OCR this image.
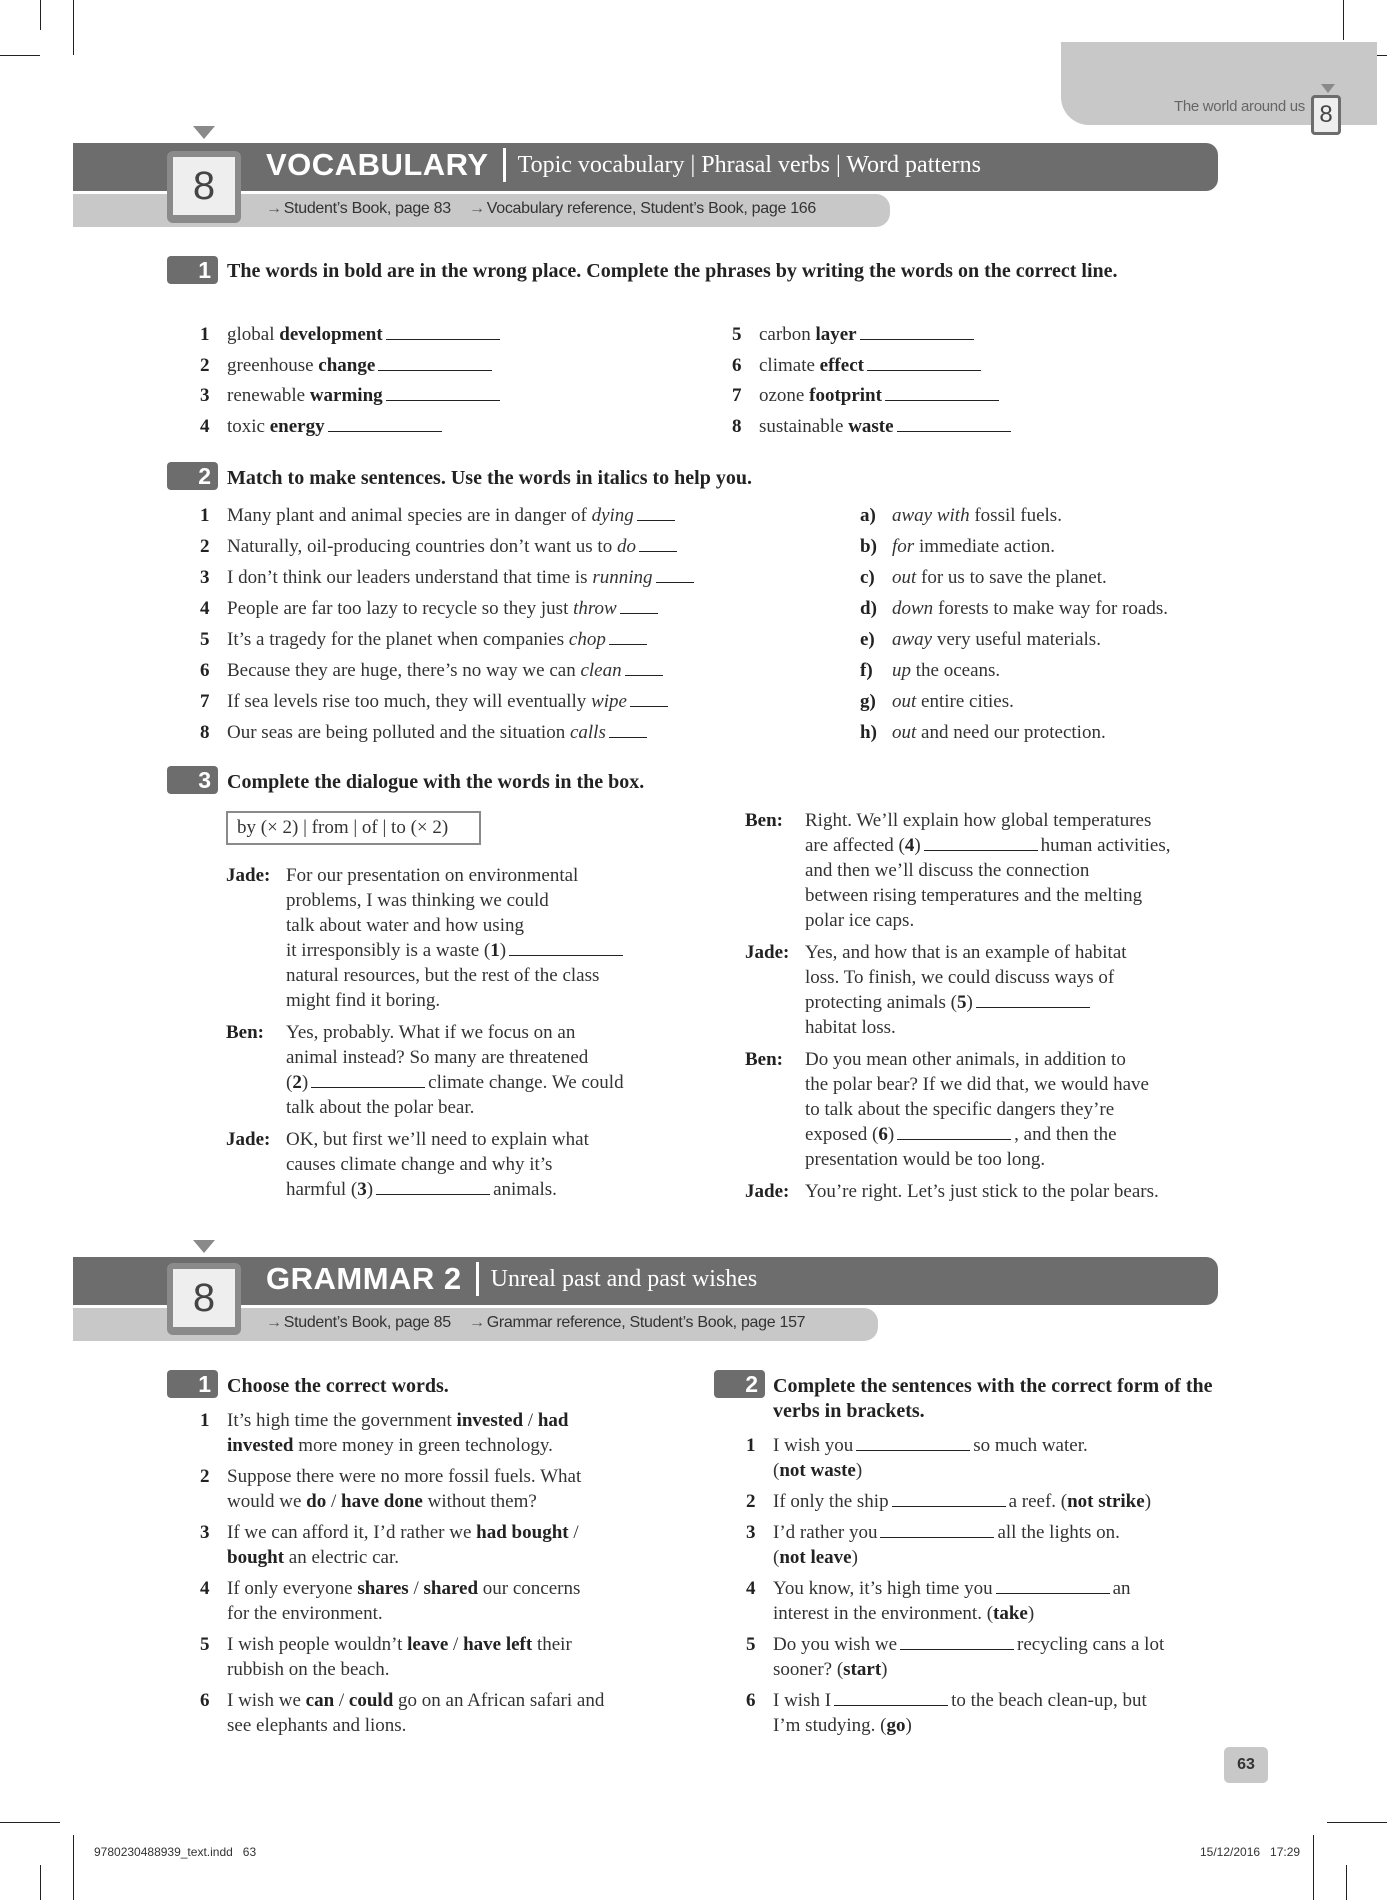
The world around us 8
VOCABULARY	Topic vocabulary | Phrasal verbs | Word patterns
→ Student’s Book, page 83 → Vocabulary reference, Student’s Book, page 166
8
1 The words in bold are in the wrong place. Complete the phrases by writing the words on the correct line.
1 global development
2 greenhouse change
3 renewable warming
4 toxic energy
5 carbon layer
6 climate effect
7 ozone footprint
8 sustainable waste
2 Match to make sentences. Use the words in italics to help you.
1 Many plant and animal species are in danger of dying
2 Naturally, oil-producing countries don’t want us to do
3 I don’t think our leaders understand that time is running
4 People are far too lazy to recycle so they just throw
5 It’s a tragedy for the planet when companies chop
6 Because they are huge, there’s no way we can clean
7 If sea levels rise too much, they will eventually wipe
8 Our seas are being polluted and the situation calls
a) away with fossil fuels.
b) for immediate action.
c) out for us to save the planet.
d) down forests to make way for roads.
e) away very useful materials.
f) up the oceans.
g) out entire cities.
h) out and need our protection.
3 Complete the dialogue with the words in the box.
by (× 2) | from | of | to (× 2)
Jade: For our presentation on environmental
problems, I was thinking we could
talk about water and how using
it irresponsibly is a waste (1)
natural resources, but the rest of the class
might find it boring.
Ben: Yes, probably. What if we focus on an
animal instead? So many are threatened
(2)	climate change. We could
talk about the polar bear.
Jade: OK, but first we’ll need to explain what
causes climate change and why it’s
harmful (3)	animals.
Ben: Right. We’ll explain how global temperatures
are affected (4)	human activities,
and then we’ll discuss the connection
between rising temperatures and the melting
polar ice caps.
Jade: Yes, and how that is an example of habitat
loss. To finish, we could discuss ways of
protecting animals (5)
habitat loss.
Ben: Do you mean other animals, in addition to
the polar bear? If we did that, we would have
to talk about the specific dangers they’re
exposed (6)	, and then the
presentation would be too long.
Jade: You’re right. Let’s just stick to the polar bears.
GRAMMAR 2	Unreal past and past wishes
→ Student’s Book, page 85 → Grammar reference, Student’s Book, page 157
8
1 Choose the correct words.
1 It’s high time the government invested / had
invested more money in green technology.
2 Suppose there were no more fossil fuels. What
would we do / have done without them?
3 If we can afford it, I’d rather we had bought /
bought an electric car.
4 If only everyone shares / shared our concerns
for the environment.
5 I wish people wouldn’t leave / have left their
rubbish on the beach.
6 I wish we can / could go on an African safari and
see elephants and lions.
2 Complete the sentences with the correct form of the verbs in brackets.
1 I wish you	so much water.
(not waste)
2 If only the ship	a reef. (not strike)
3 I’d rather you	all the lights on.
(not leave)
4 You know, it’s high time you	an
interest in the environment. (take)
5 Do you wish we	recycling cans a lot
sooner? (start)
6 I wish I	to the beach clean-up, but
I’m studying. (go)
63
9780230488939_text.indd   63	15/12/2016   17:29
